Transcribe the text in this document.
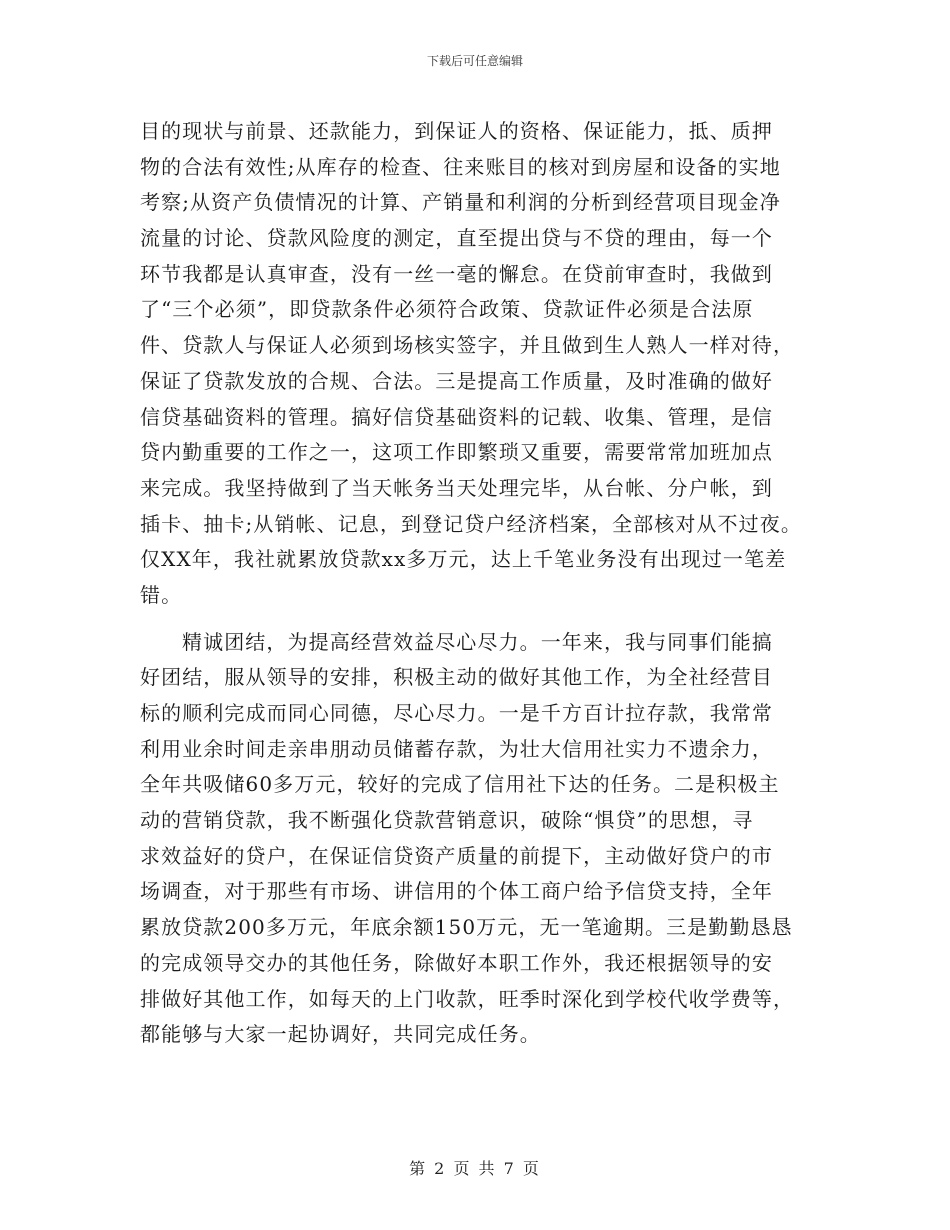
下载后可任意编辑
目的现状与前景、还款能力，到保证人的资格、保证能力，抵、质押
物的合法有效性;从库存的检查、往来账目的核对到房屋和设备的实地
考察;从资产负债情况的计算、产销量和利润的分析到经营项目现金净
流量的讨论、贷款风险度的测定，直至提出贷与不贷的理由，每一个
环节我都是认真审查，没有一丝一毫的懈怠。在贷前审查时，我做到
了“三个必须”，即贷款条件必须符合政策、贷款证件必须是合法原
件、贷款人与保证人必须到场核实签字，并且做到生人熟人一样对待，
保证了贷款发放的合规、合法。三是提高工作质量，及时准确的做好
信贷基础资料的管理。搞好信贷基础资料的记载、收集、管理，是信
贷内勤重要的工作之一，这项工作即繁琐又重要，需要常常加班加点
来完成。我坚持做到了当天帐务当天处理完毕，从台帐、分户帐，到
插卡、抽卡;从销帐、记息，到登记贷户经济档案，全部核对从不过夜。
仅XX年，我社就累放贷款xx多万元，达上千笔业务没有出现过一笔差
错。
精诚团结，为提高经营效益尽心尽力。一年来，我与同事们能搞
好团结，服从领导的安排，积极主动的做好其他工作，为全社经营目
标的顺利完成而同心同德，尽心尽力。一是千方百计拉存款，我常常
利用业余时间走亲串朋动员储蓄存款，为壮大信用社实力不遗余力，
全年共吸储60多万元，较好的完成了信用社下达的任务。二是积极主
动的营销贷款，我不断强化贷款营销意识，破除“惧贷”的思想，寻
求效益好的贷户，在保证信贷资产质量的前提下，主动做好贷户的市
场调查，对于那些有市场、讲信用的个体工商户给予信贷支持，全年
累放贷款200多万元，年底余额150万元，无一笔逾期。三是勤勤恳恳
的完成领导交办的其他任务，除做好本职工作外，我还根据领导的安
排做好其他工作，如每天的上门收款，旺季时深化到学校代收学费等，
都能够与大家一起协调好，共同完成任务。
第 2 页 共 7 页
